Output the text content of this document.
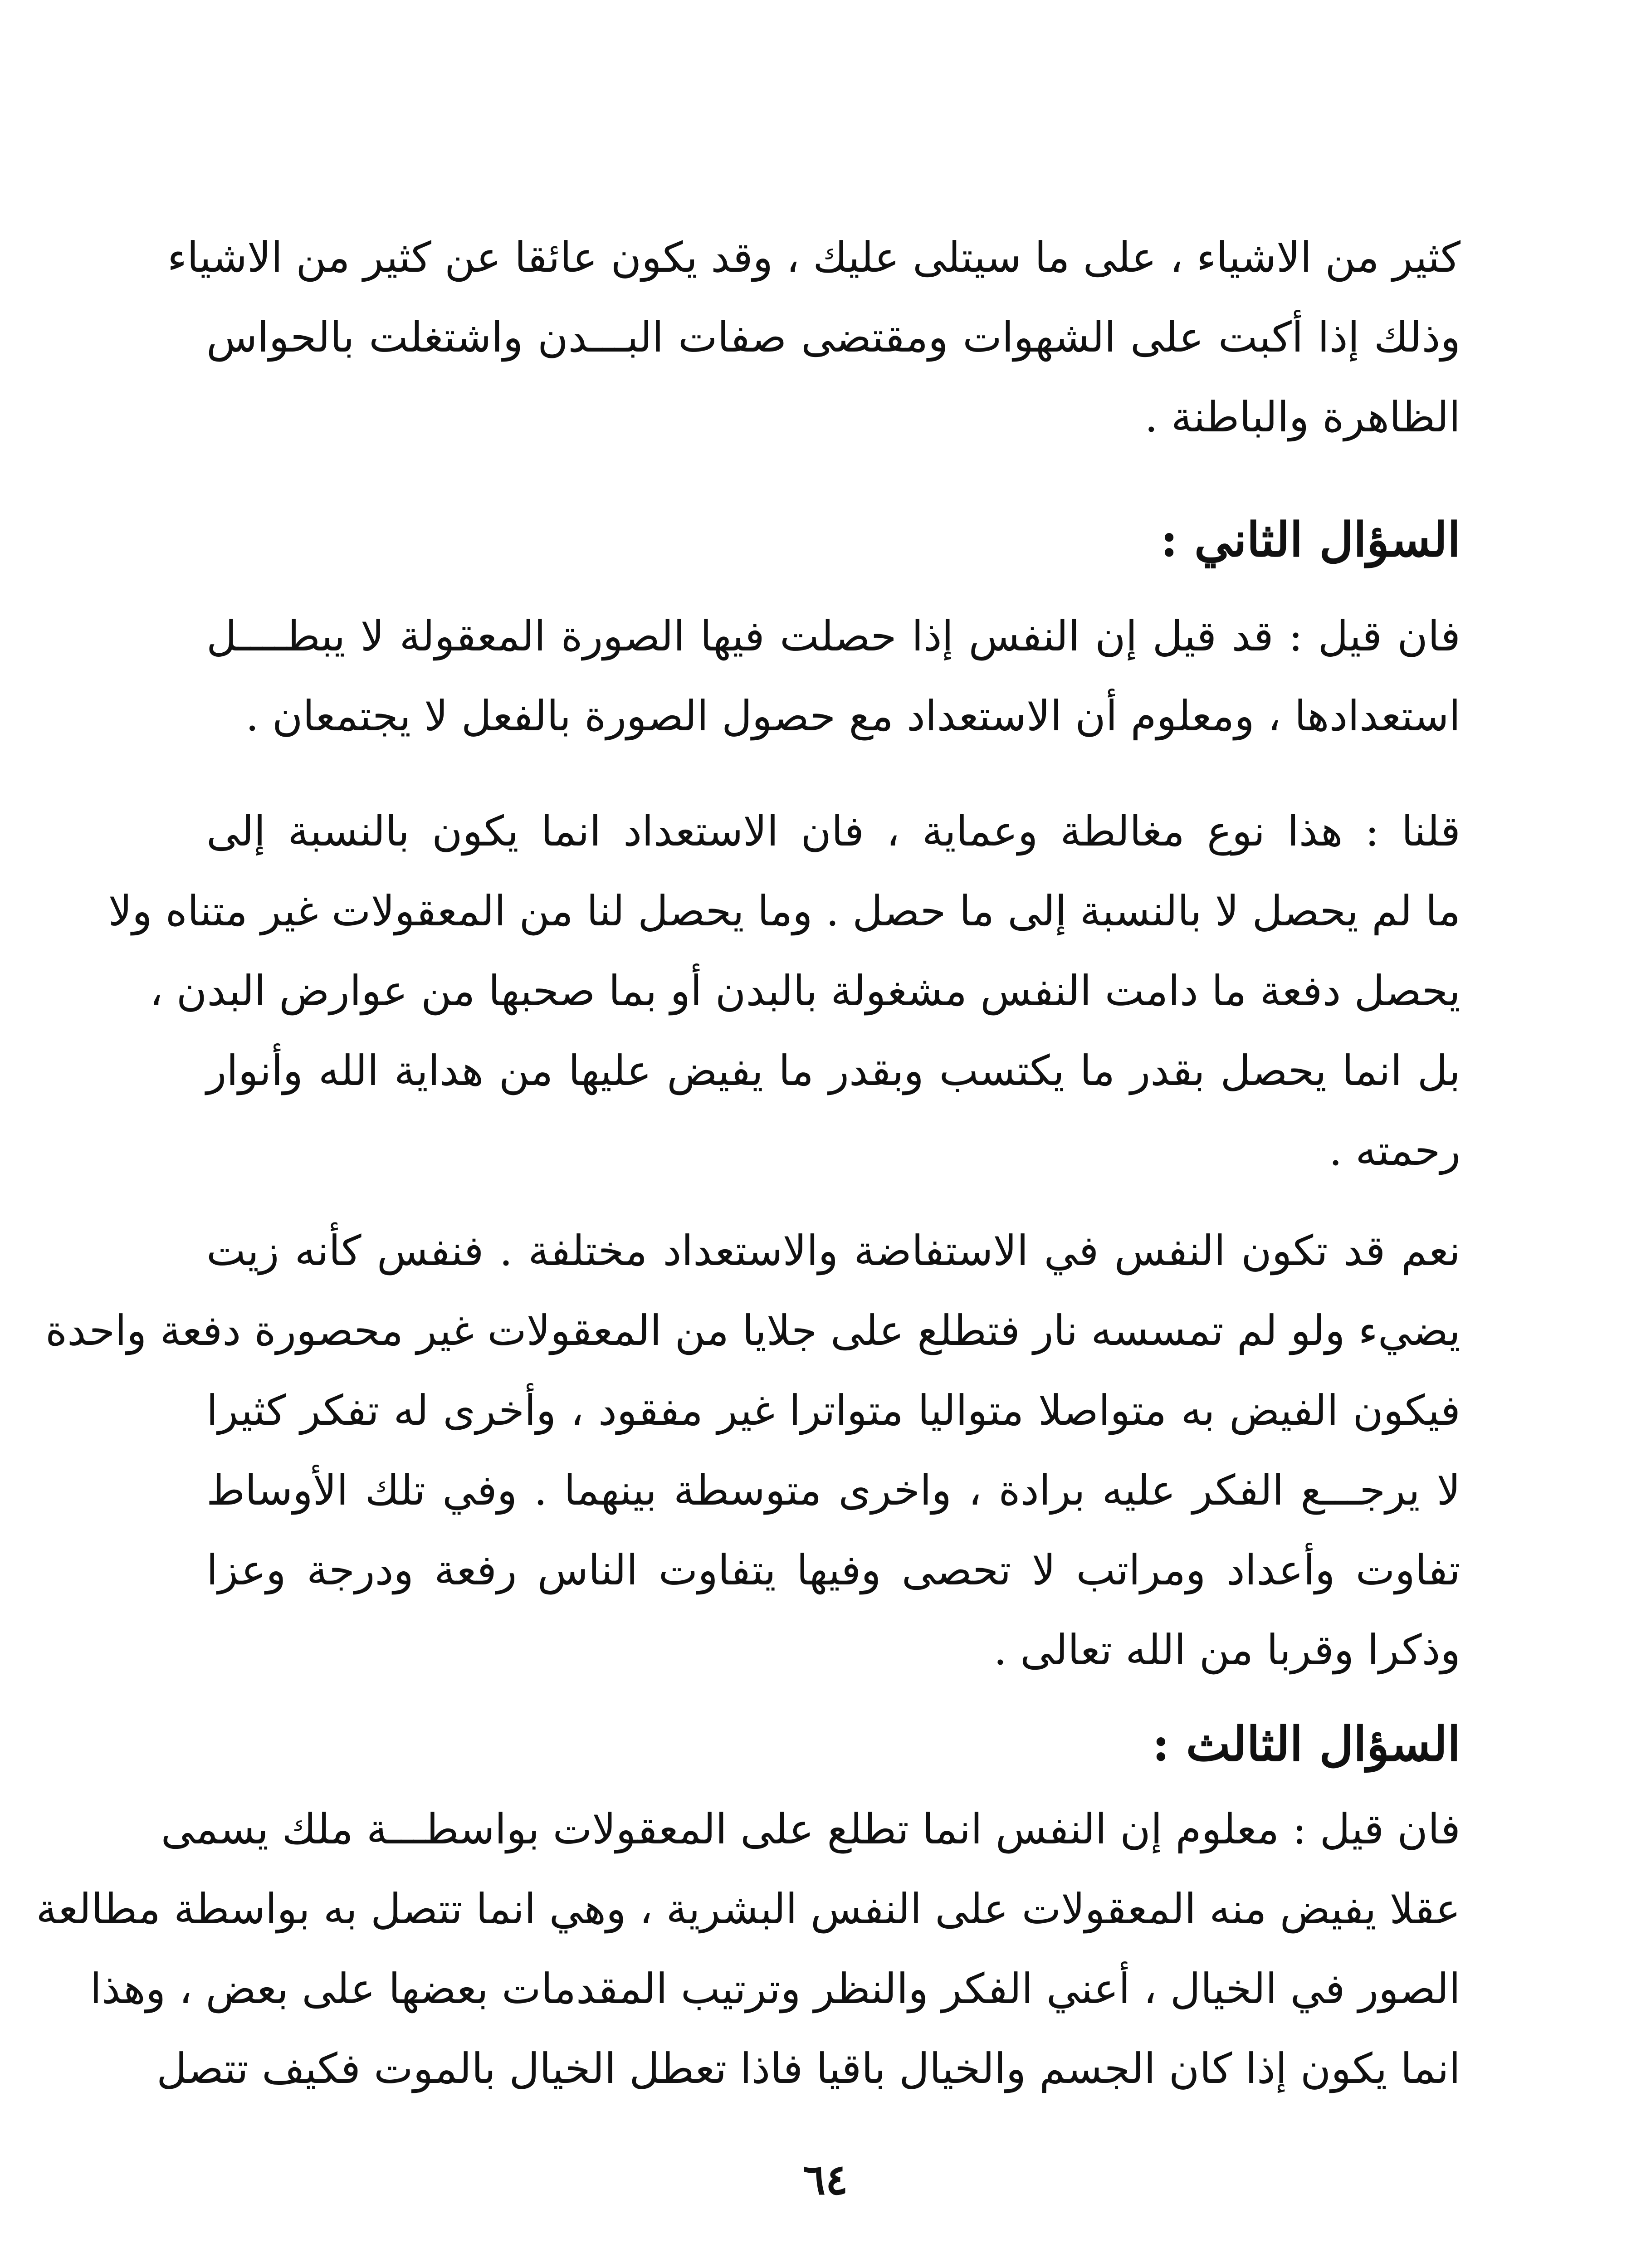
كثير من الاشياء ، على ما سيتلى عليك ، وقد يكون عائقا عن كثير من الاشياء
وذلك إذا أكبت على الشهوات ومقتضى صفات البـــدن واشتغلت بالحواس
الظاهرة والباطنة .
السؤال الثاني :
فان قيل : قد قيل إن النفس إذا حصلت فيها الصورة المعقولة لا يبطــــل
استعدادها ، ومعلوم أن الاستعداد مع حصول الصورة بالفعل لا يجتمعان .
قلنا : هذا نوع مغالطة وعماية ، فان الاستعداد انما يكون بالنسبة إلى
ما لم يحصل لا بالنسبة إلى ما حصل . وما يحصل لنا من المعقولات غير متناه ولا
يحصل دفعة ما دامت النفس مشغولة بالبدن أو بما صحبها من عوارض البدن ،
بل انما يحصل بقدر ما يكتسب وبقدر ما يفيض عليها من هداية الله وأنوار
رحمته .
نعم قد تكون النفس في الاستفاضة والاستعداد مختلفة . فنفس كأنه زيت
يضيء ولو لم تمسسه نار فتطلع على جلايا من المعقولات غير محصورة دفعة واحدة
فيكون الفيض به متواصلا متواليا متواترا غير مفقود ، وأخرى له تفكر كثيرا
لا يرجـــع الفكر عليه برادة ، واخرى متوسطة بينهما . وفي تلك الأوساط
تفاوت وأعداد ومراتب لا تحصى وفيها يتفاوت الناس رفعة ودرجة وعزا
وذكرا وقربا من الله تعالى .
السؤال الثالث :
فان قيل : معلوم إن النفس انما تطلع على المعقولات بواسطـــة ملك يسمى
عقلا يفيض منه المعقولات على النفس البشرية ، وهي انما تتصل به بواسطة مطالعة
الصور في الخيال ، أعني الفكر والنظر وترتيب المقدمات بعضها على بعض ، وهذا
انما يكون إذا كان الجسم والخيال باقيا فاذا تعطل الخيال بالموت فكيف تتصل
٦٤
